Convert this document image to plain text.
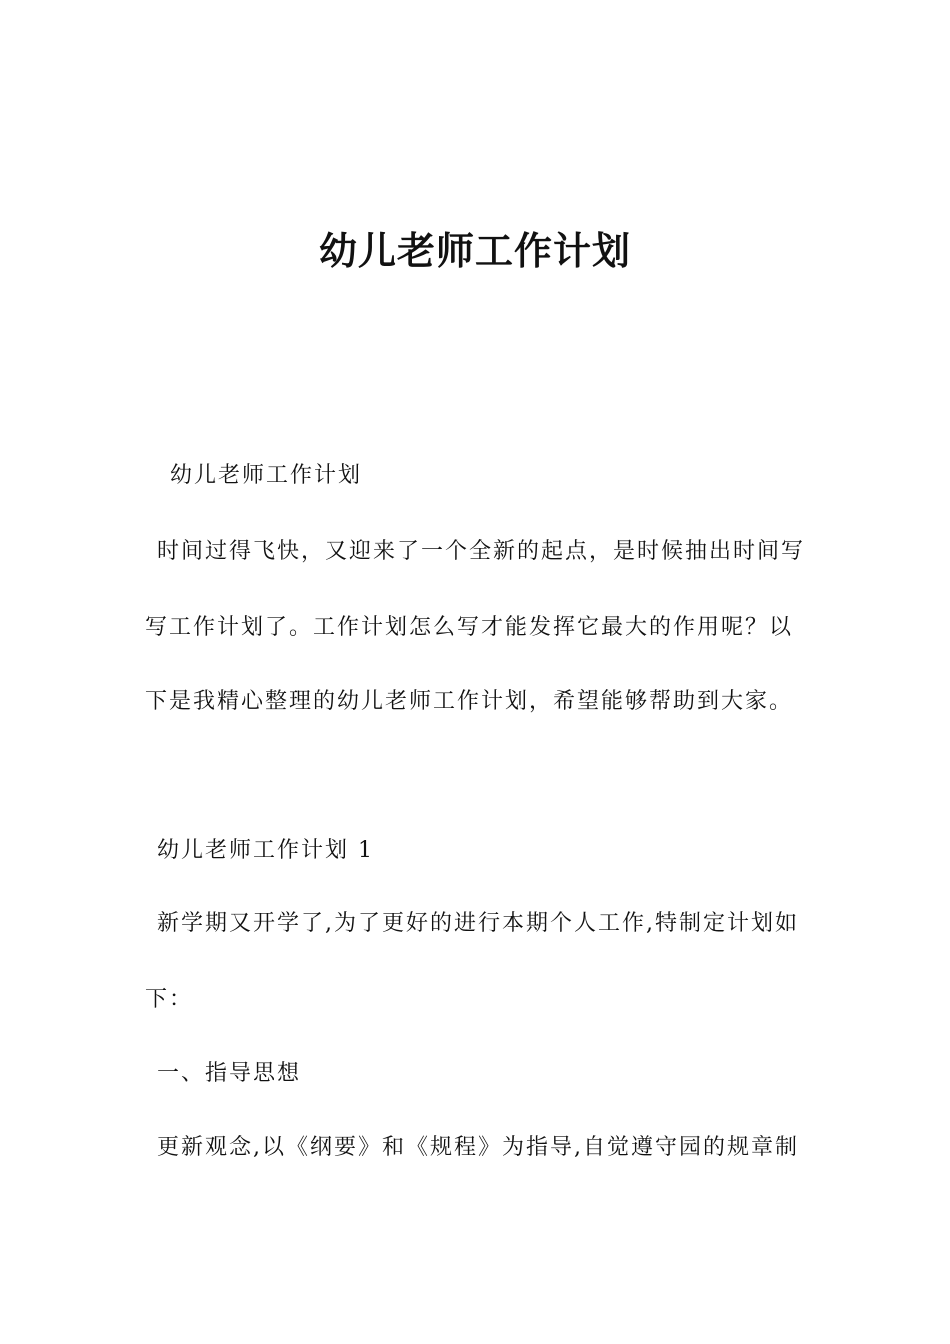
幼儿老师工作计划
幼儿老师工作计划
时间过得飞快，又迎来了一个全新的起点，是时候抽出时间写
写工作计划了。工作计划怎么写才能发挥它最大的作用呢？以
下是我精心整理的幼儿老师工作计划，希望能够帮助到大家。
幼儿老师工作计划 1
新学期又开学了,为了更好的进行本期个人工作,特制定计划如
下：
一、指导思想
更新观念,以《纲要》和《规程》为指导,自觉遵守园的规章制
